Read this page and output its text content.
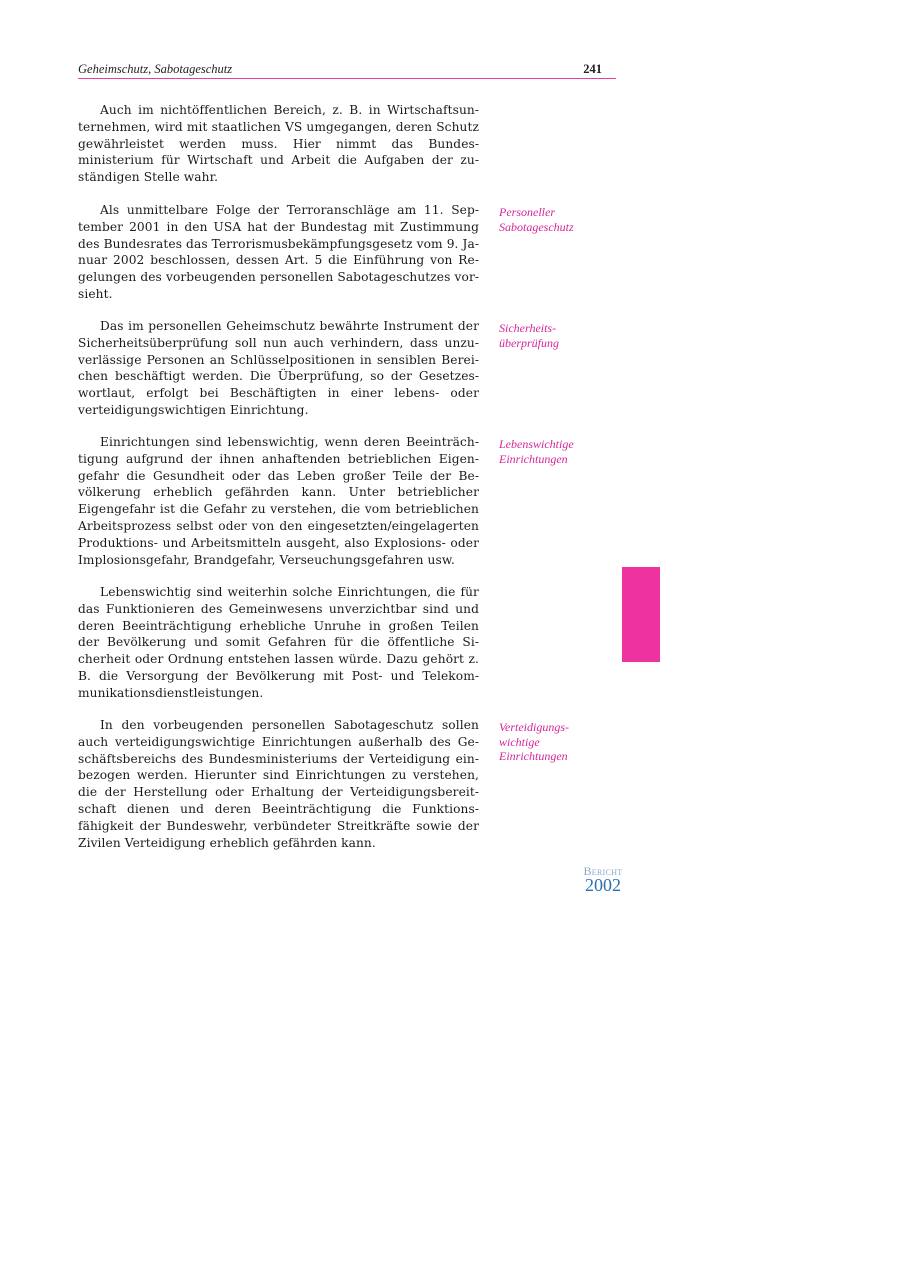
Geheimschutz, Sabotageschutz	241

Auch im nichtöffentlichen Bereich, z. B. in Wirtschaftsunternehmen, wird mit staatlichen VS umgegangen, deren Schutz gewährleistet werden muss. Hier nimmt das Bundesministerium für Wirtschaft und Arbeit die Aufgaben der zuständigen Stelle wahr.

Als unmittelbare Folge der Terroranschläge am 11. September 2001 in den USA hat der Bundestag mit Zustimmung des Bundesrates das Terrorismusbekämpfungsgesetz vom 9. Januar 2002 beschlossen, dessen Art. 5 die Einführung von Regelungen des vorbeugenden personellen Sabotageschutzes vorsieht.

Das im personellen Geheimschutz bewährte Instrument der Sicherheitsüberprüfung soll nun auch verhindern, dass unzuverlässige Personen an Schlüsselpositionen in sensiblen Bereichen beschäftigt werden. Die Überprüfung, so der Gesetzeswortlaut, erfolgt bei Beschäftigten in einer lebens- oder verteidigungswichtigen Einrichtung.

Einrichtungen sind lebenswichtig, wenn deren Beeinträchtigung aufgrund der ihnen anhaftenden betrieblichen Eigengefahr die Gesundheit oder das Leben großer Teile der Bevölkerung erheblich gefährden kann. Unter betrieblicher Eigengefahr ist die Gefahr zu verstehen, die vom betrieblichen Arbeitsprozess selbst oder von den eingesetzten/eingelagerten Produktions- und Arbeitsmitteln ausgeht, also Explosions- oder Implosionsgefahr, Brandgefahr, Verseuchungsgefahren usw.

Lebenswichtig sind weiterhin solche Einrichtungen, die für das Funktionieren des Gemeinwesens unverzichtbar sind und deren Beeinträchtigung erhebliche Unruhe in großen Teilen der Bevölkerung und somit Gefahren für die öffentliche Sicherheit oder Ordnung entstehen lassen würde. Dazu gehört z. B. die Versorgung der Bevölkerung mit Post- und Telekommunikationsdienstleistungen.

In den vorbeugenden personellen Sabotageschutz sollen auch verteidigungswichtige Einrichtungen außerhalb des Geschäftsbereichs des Bundesministeriums der Verteidigung einbezogen werden. Hierunter sind Einrichtungen zu verstehen, die der Herstellung oder Erhaltung der Verteidigungsbereitschaft dienen und deren Beeinträchtigung die Funktionsfähigkeit der Bundeswehr, verbündeter Streitkräfte sowie der Zivilen Verteidigung erheblich gefährden kann.

Personeller
Sabotageschutz
Sicherheits-
überprüfung
Lebenswichtige
Einrichtungen
Verteidigungs-
wichtige
Einrichtungen
Bericht
2002
